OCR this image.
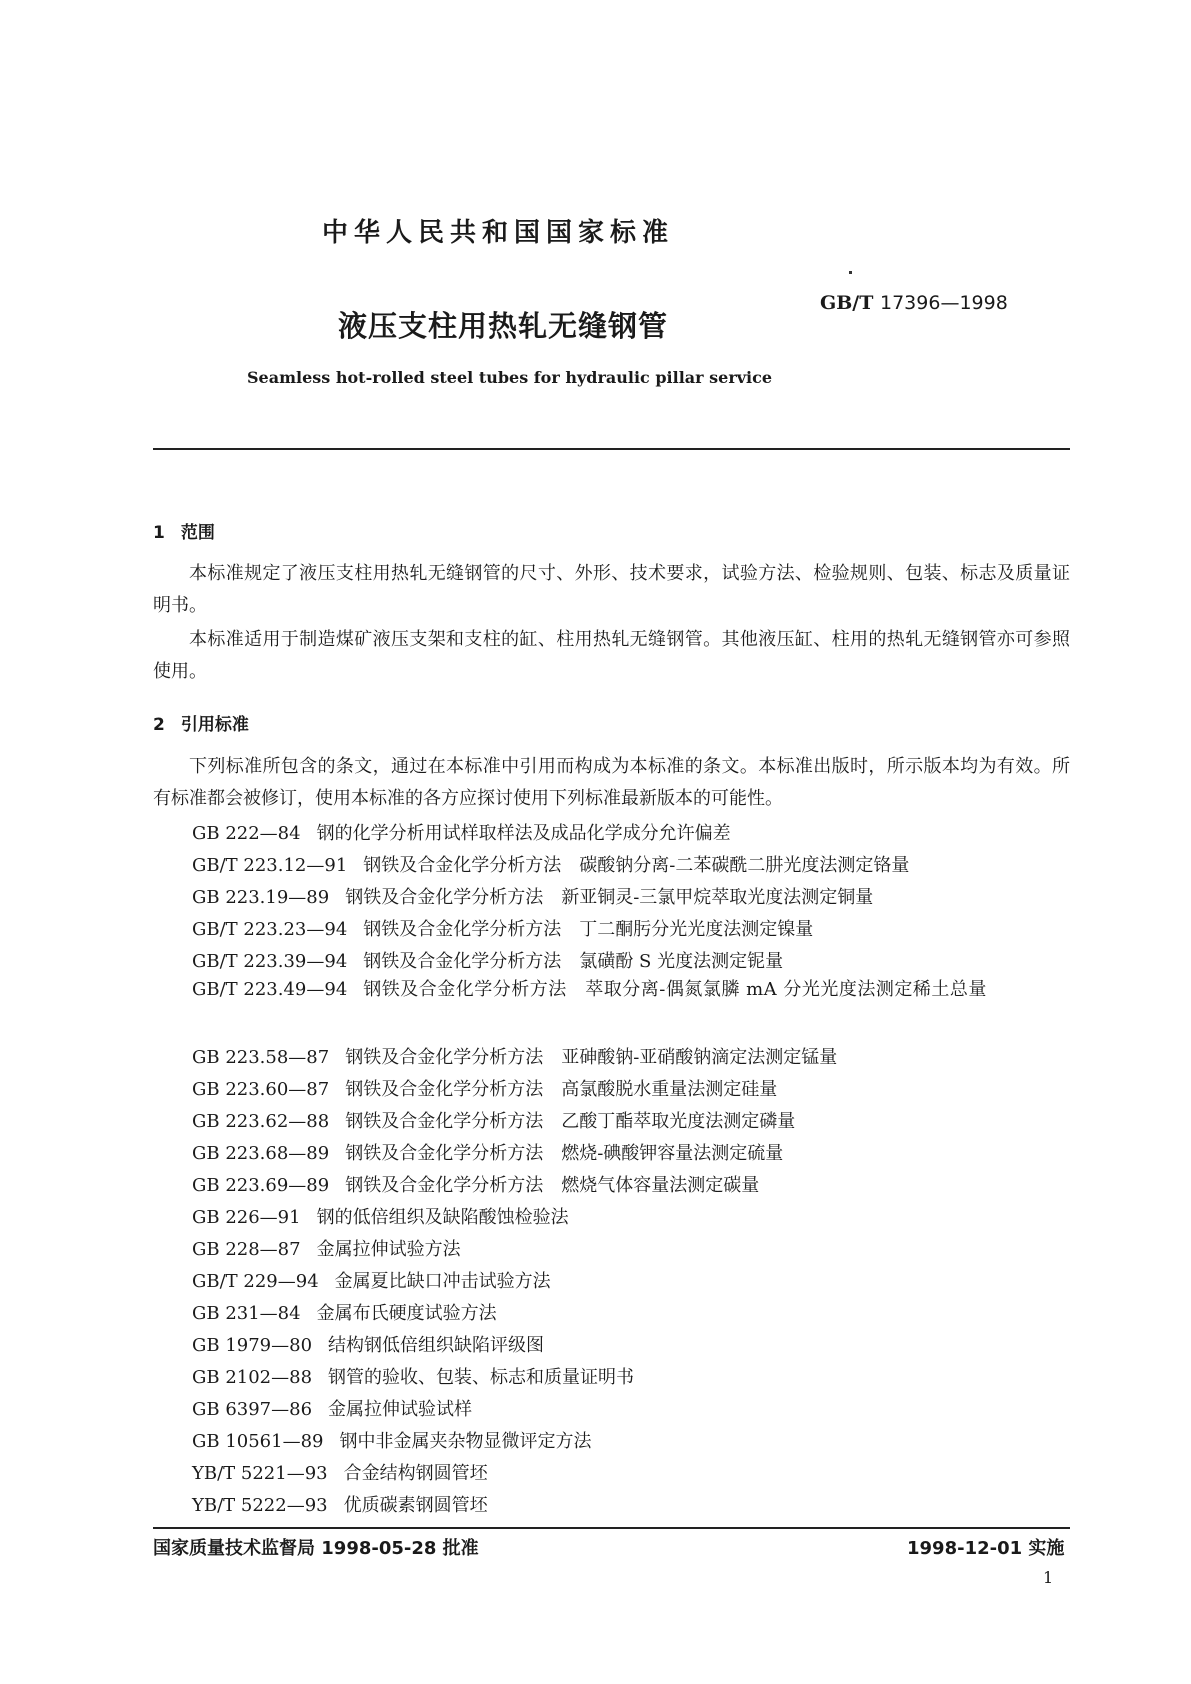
中华人民共和国国家标准
GB/T 17396—1998
液压支柱用热轧无缝钢管
Seamless hot-rolled steel tubes for hydraulic pillar service
1 范围
本标准规定了液压支柱用热轧无缝钢管的尺寸、外形、技术要求，试验方法、检验规则、包装、标志及质量证明书。
本标准适用于制造煤矿液压支架和支柱的缸、柱用热轧无缝钢管。其他液压缸、柱用的热轧无缝钢管亦可参照使用。
2 引用标准
下列标准所包含的条文，通过在本标准中引用而构成为本标准的条文。本标准出版时，所示版本均为有效。所有标准都会被修订，使用本标准的各方应探讨使用下列标准最新版本的可能性。
GB 222—84 钢的化学分析用试样取样法及成品化学成分允许偏差
GB/T 223.12—91 钢铁及合金化学分析方法　碳酸钠分离-二苯碳酰二肼光度法测定铬量
GB 223.19—89 钢铁及合金化学分析方法　新亚铜灵-三氯甲烷萃取光度法测定铜量
GB/T 223.23—94 钢铁及合金化学分析方法　丁二酮肟分光光度法测定镍量
GB/T 223.39—94 钢铁及合金化学分析方法　氯磺酚 S 光度法测定铌量
GB/T 223.49—94 钢铁及合金化学分析方法　萃取分离-偶氮氯膦 mA 分光光度法测定稀土总量
GB 223.58—87 钢铁及合金化学分析方法　亚砷酸钠-亚硝酸钠滴定法测定锰量
GB 223.60—87 钢铁及合金化学分析方法　高氯酸脱水重量法测定硅量
GB 223.62—88 钢铁及合金化学分析方法　乙酸丁酯萃取光度法测定磷量
GB 223.68—89 钢铁及合金化学分析方法　燃烧-碘酸钾容量法测定硫量
GB 223.69—89 钢铁及合金化学分析方法　燃烧气体容量法测定碳量
GB 226—91 钢的低倍组织及缺陷酸蚀检验法
GB 228—87 金属拉伸试验方法
GB/T 229—94 金属夏比缺口冲击试验方法
GB 231—84 金属布氏硬度试验方法
GB 1979—80 结构钢低倍组织缺陷评级图
GB 2102—88 钢管的验收、包装、标志和质量证明书
GB 6397—86 金属拉伸试验试样
GB 10561—89 钢中非金属夹杂物显微评定方法
YB/T 5221—93 合金结构钢圆管坯
YB/T 5222—93 优质碳素钢圆管坯
国家质量技术监督局 1998-05-28 批准	1998-12-01 实施
1
